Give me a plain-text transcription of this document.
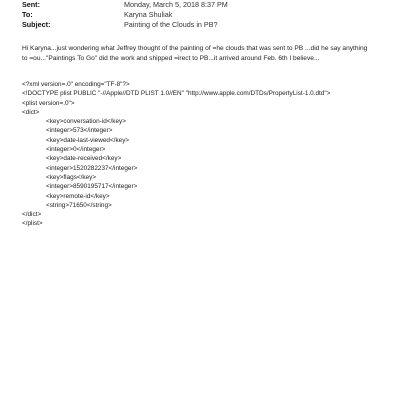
Sent:	Monday, March 5, 2018 8:37 PM
To:	Karyna Shuliak
Subject:	Painting of the Clouds in PB?
Hi Karyna...just wondering what Jeffrey thought of the painting of =he clouds that was sent to PB ...did he say anything
to =ou..."Paintings To Go" did the work and shipped =irect to PB...it arrived around Feb. 6th I believe...
<?xml version=.0" encoding="TF-8"?>
<!DOCTYPE plist PUBLIC "-//Apple//DTD PLIST 1.0//EN" "http://www.apple.com/DTDs/PropertyList-1.0.dtd">
<plist version=.0">
<dict>
<key>conversation-id</key>
<integer>573</integer>
<key>date-last-viewed</key>
<integer>0</integer>
<key>date-received</key>
<integer>1520282237</integer>
<key>flags</key>
<integer>8590195717</integer>
<key>remote-id</key>
<string>71650</string>
</dict>
</plist>
